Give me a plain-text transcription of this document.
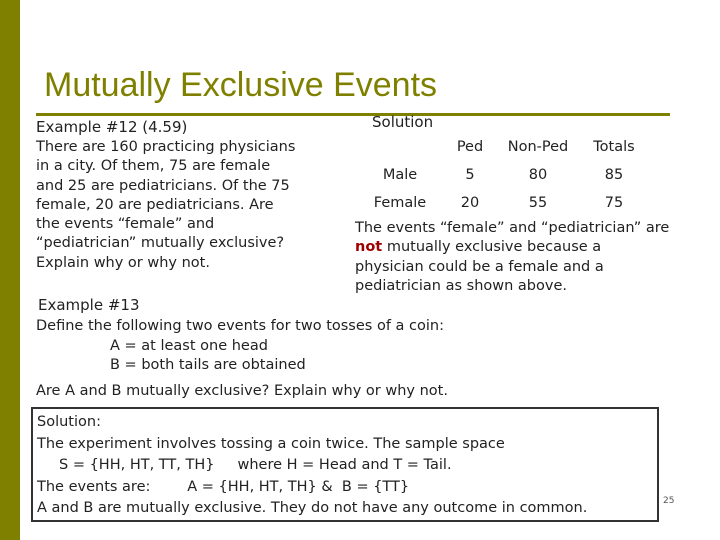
Mutually Exclusive Events
Example #12 (4.59)
There are 160 practicing physicians
in a city. Of them, 75 are female
and 25 are pediatricians. Of the 75
female, 20 are pediatricians. Are
the events “female” and
“pediatrician” mutually exclusive?
Explain why or why not.
Solution
	Ped	Non-Ped	Totals
Male	5	80	85
Female	20	55	75
The events “female” and “pediatrician” are
not mutually exclusive because a
physician could be a female and a
pediatrician as shown above.
Example #13
Define the following two events for two tosses of a coin:
A = at least one head
B = both tails are obtained
Are A and B mutually exclusive? Explain why or why not.
Solution:
The experiment involves tossing a coin twice. The sample space
S = {HH, HT, TT, TH}     where H = Head and T = Tail.
The events are:        A = {HH, HT, TH} &  B = {TT}
A and B are mutually exclusive. They do not have any outcome in common.	25
